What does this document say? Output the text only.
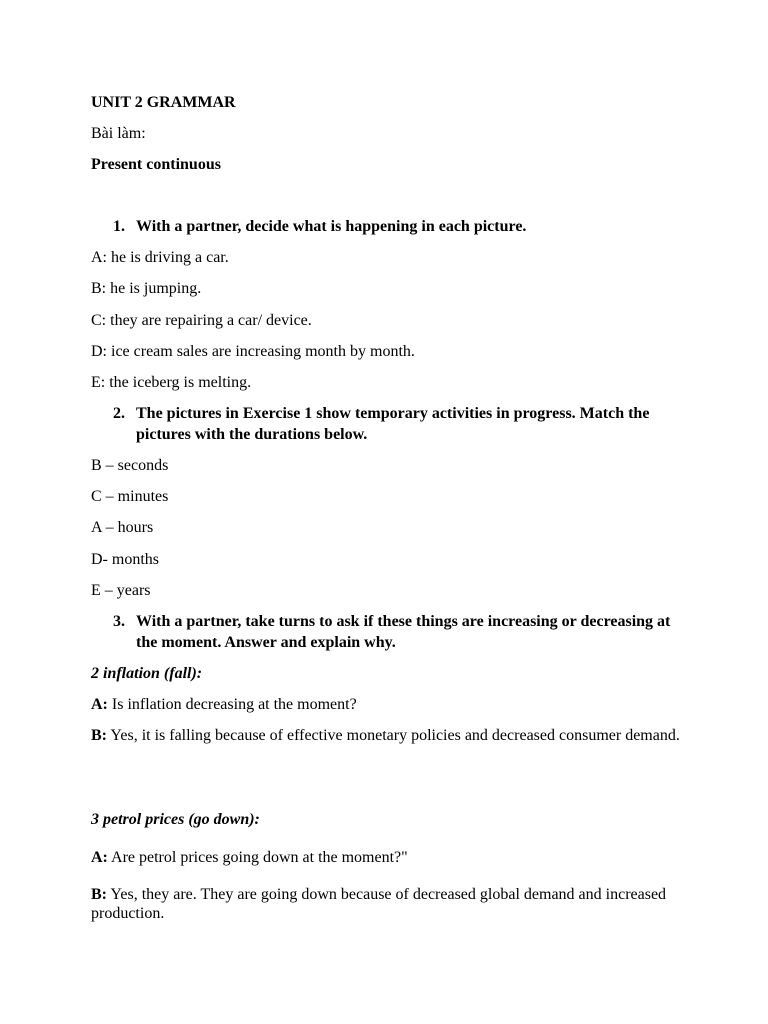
UNIT 2 GRAMMAR
Bài làm:
Present continuous
1. With a partner, decide what is happening in each picture.
A: he is driving a car.
B: he is jumping.
C: they are repairing a car/ device.
D: ice cream sales are increasing month by month.
E: the iceberg is melting.
2. The pictures in Exercise 1 show temporary activities in progress. Match the pictures with the durations below.
B – seconds
C – minutes
A – hours
D- months
E – years
3. With a partner, take turns to ask if these things are increasing or decreasing at the moment. Answer and explain why.
2 inflation (fall):
A: Is inflation decreasing at the moment?
B: Yes, it is falling because of effective monetary policies and decreased consumer demand.
3 petrol prices (go down):
A: Are petrol prices going down at the moment?"
B: Yes, they are. They are going down because of decreased global demand and increased production.
